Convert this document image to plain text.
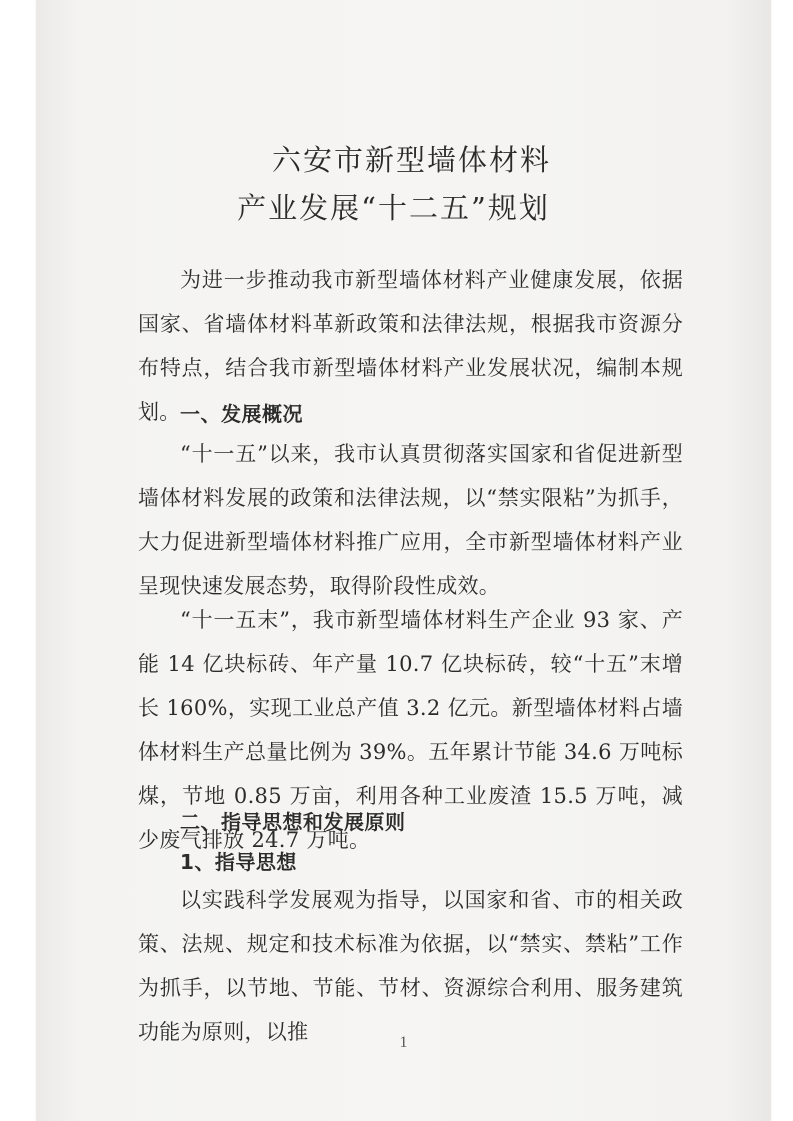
六安市新型墙体材料
产业发展“十二五”规划

为进一步推动我市新型墙体材料产业健康发展，依据国家、省墙体材料革新政策和法律法规，根据我市资源分布特点，结合我市新型墙体材料产业发展状况，编制本规划。 一、发展概况

“十一五”以来，我市认真贯彻落实国家和省促进新型墙体材料发展的政策和法律法规，以“禁实限粘”为抓手，大力促进新型墙体材料推广应用，全市新型墙体材料产业呈现快速发展态势，取得阶段性成效。

“十一五末”，我市新型墙体材料生产企业 93 家、产能 14 亿块标砖、年产量 10.7 亿块标砖，较“十五”末增长 160%，实现工业总产值 3.2 亿元。新型墙体材料占墙体材料生产总量比例为 39%。五年累计节能 34.6 万吨标煤，节地 0.85 万亩，利用各种工业废渣 15.5 万吨，减少废气排放 24.7 万吨。

二、指导思想和发展原则
1、指导思想

以实践科学发展观为指导，以国家和省、市的相关政策、法规、规定和技术标准为依据，以“禁实、禁粘”工作为抓手，以节地、节能、节材、资源综合利用、服务建筑功能为原则，以推	1
